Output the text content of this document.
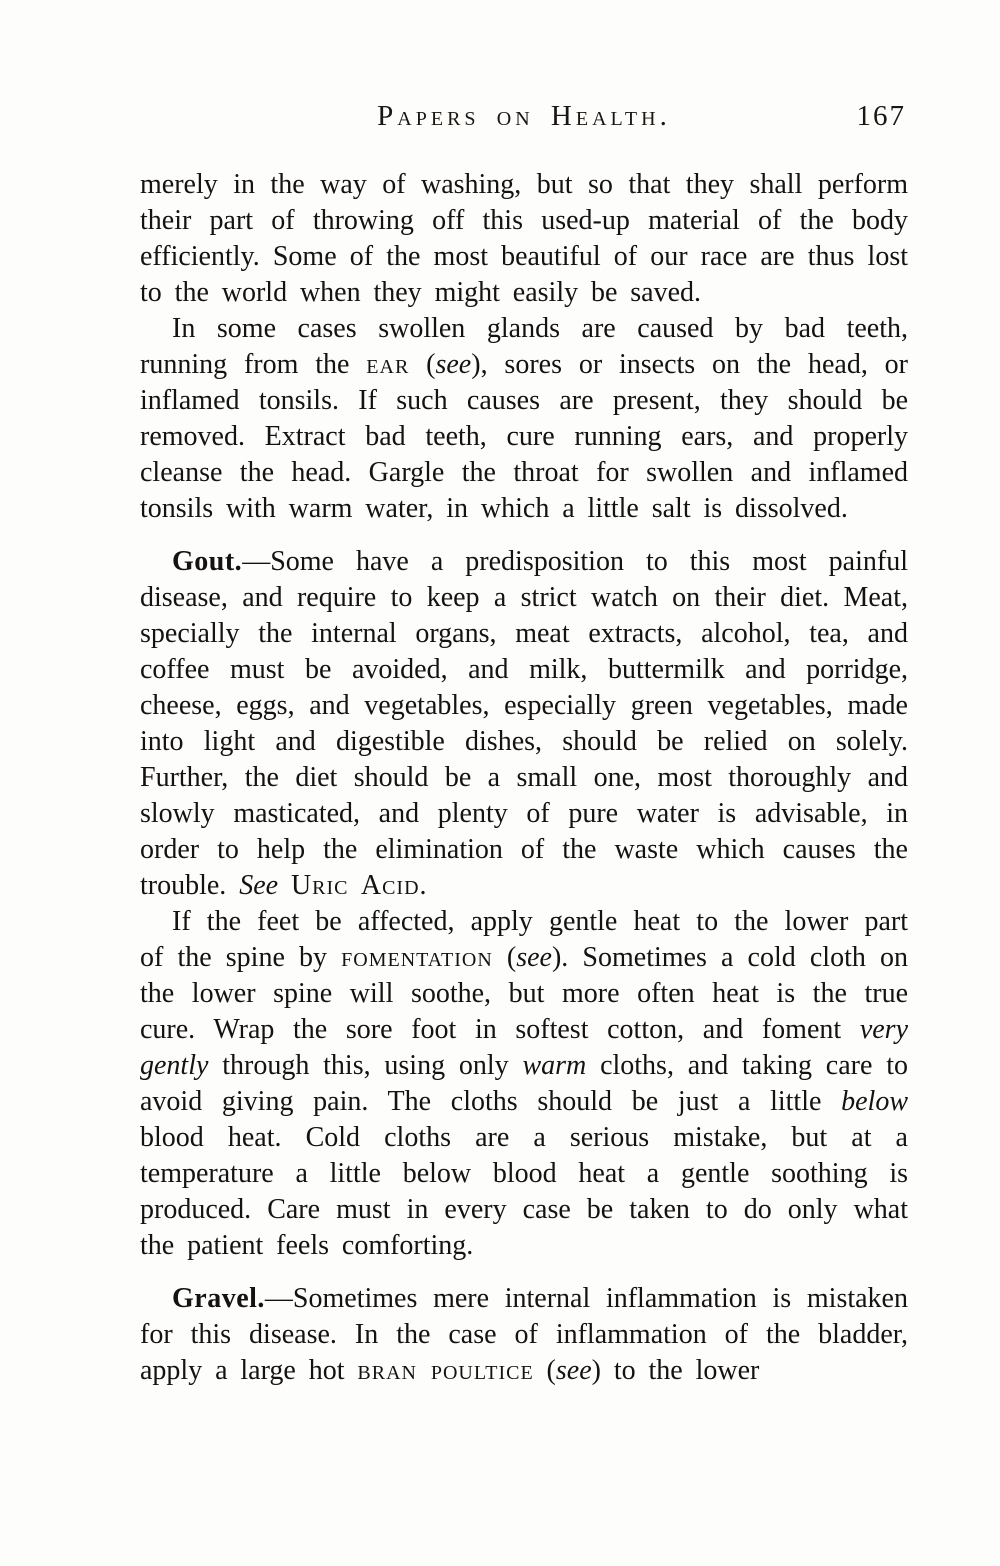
Papers on Health.	167

merely in the way of washing, but so that they shall perform their part of throwing off this used-up material of the body efficiently. Some of the most beautiful of our race are thus lost to the world when they might easily be saved.

In some cases swollen glands are caused by bad teeth, running from the ear (see), sores or insects on the head, or inflamed tonsils. If such causes are present, they should be removed. Extract bad teeth, cure running ears, and properly cleanse the head. Gargle the throat for swollen and inflamed tonsils with warm water, in which a little salt is dissolved.

Gout.—Some have a predisposition to this most painful disease, and require to keep a strict watch on their diet. Meat, specially the internal organs, meat extracts, alcohol, tea, and coffee must be avoided, and milk, buttermilk and porridge, cheese, eggs, and vegetables, especially green vegetables, made into light and digestible dishes, should be relied on solely. Further, the diet should be a small one, most thoroughly and slowly masticated, and plenty of pure water is advisable, in order to help the elimination of the waste which causes the trouble. See Uric Acid.

If the feet be affected, apply gentle heat to the lower part of the spine by fomentation (see). Sometimes a cold cloth on the lower spine will soothe, but more often heat is the true cure. Wrap the sore foot in softest cotton, and foment very gently through this, using only warm cloths, and taking care to avoid giving pain. The cloths should be just a little below blood heat. Cold cloths are a serious mistake, but at a temperature a little below blood heat a gentle soothing is produced. Care must in every case be taken to do only what the patient feels comforting.

Gravel.—Sometimes mere internal inflammation is mistaken for this disease. In the case of inflammation of the bladder, apply a large hot bran poultice (see) to the lower
